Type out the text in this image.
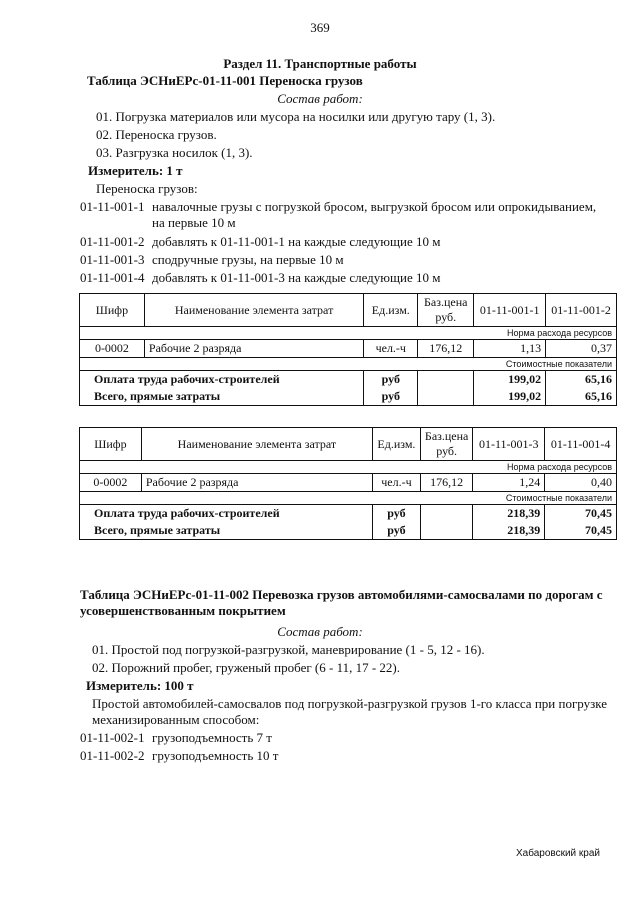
369
Раздел 11. Транспортные работы
Таблица ЭСНиЕРс-01-11-001 Переноска грузов
Состав работ:
01. Погрузка материалов или мусора на носилки или другую тару (1, 3).
02. Переноска грузов.
03. Разгрузка носилок (1, 3).
Измеритель: 1 т
Переноска грузов:
01-11-001-1 навалочные грузы с погрузкой бросом, выгрузкой бросом или опрокидыванием, на первые 10 м
01-11-001-2 добавлять к 01-11-001-1 на каждые следующие 10 м
01-11-001-3 сподручные грузы, на первые 10 м
01-11-001-4 добавлять к 01-11-001-3 на каждые следующие 10 м
Шифр	Наименование элемента затрат	Ед.изм.	Баз.цена руб.	01-11-001-1	01-11-001-2
Норма расхода ресурсов					
0-0002	Рабочие 2 разряда	чел.-ч	176,12	1,13	0,37
Стоимостные показатели					
Оплата труда рабочих-строителей		руб		199,02	65,16
Всего, прямые затраты		руб		199,02	65,16
Шифр	Наименование элемента затрат	Ед.изм.	Баз.цена руб.	01-11-001-3	01-11-001-4
Норма расхода ресурсов					
0-0002	Рабочие 2 разряда	чел.-ч	176,12	1,24	0,40
Стоимостные показатели					
Оплата труда рабочих-строителей		руб		218,39	70,45
Всего, прямые затраты		руб		218,39	70,45
Таблица ЭСНиЕРс-01-11-002 Перевозка грузов автомобилями-самосвалами по дорогам с усовершенствованным покрытием
Состав работ:
01. Простой под погрузкой-разгрузкой, маневрирование (1 - 5, 12 - 16).
02. Порожний пробег, груженый пробег (6 - 11, 17 - 22).
Измеритель: 100 т
Простой автомобилей-самосвалов под погрузкой-разгрузкой грузов 1-го класса при погрузке механизированным способом:
01-11-002-1 грузоподъемность 7 т
01-11-002-2 грузоподъемность 10 т
Хабаровский край
